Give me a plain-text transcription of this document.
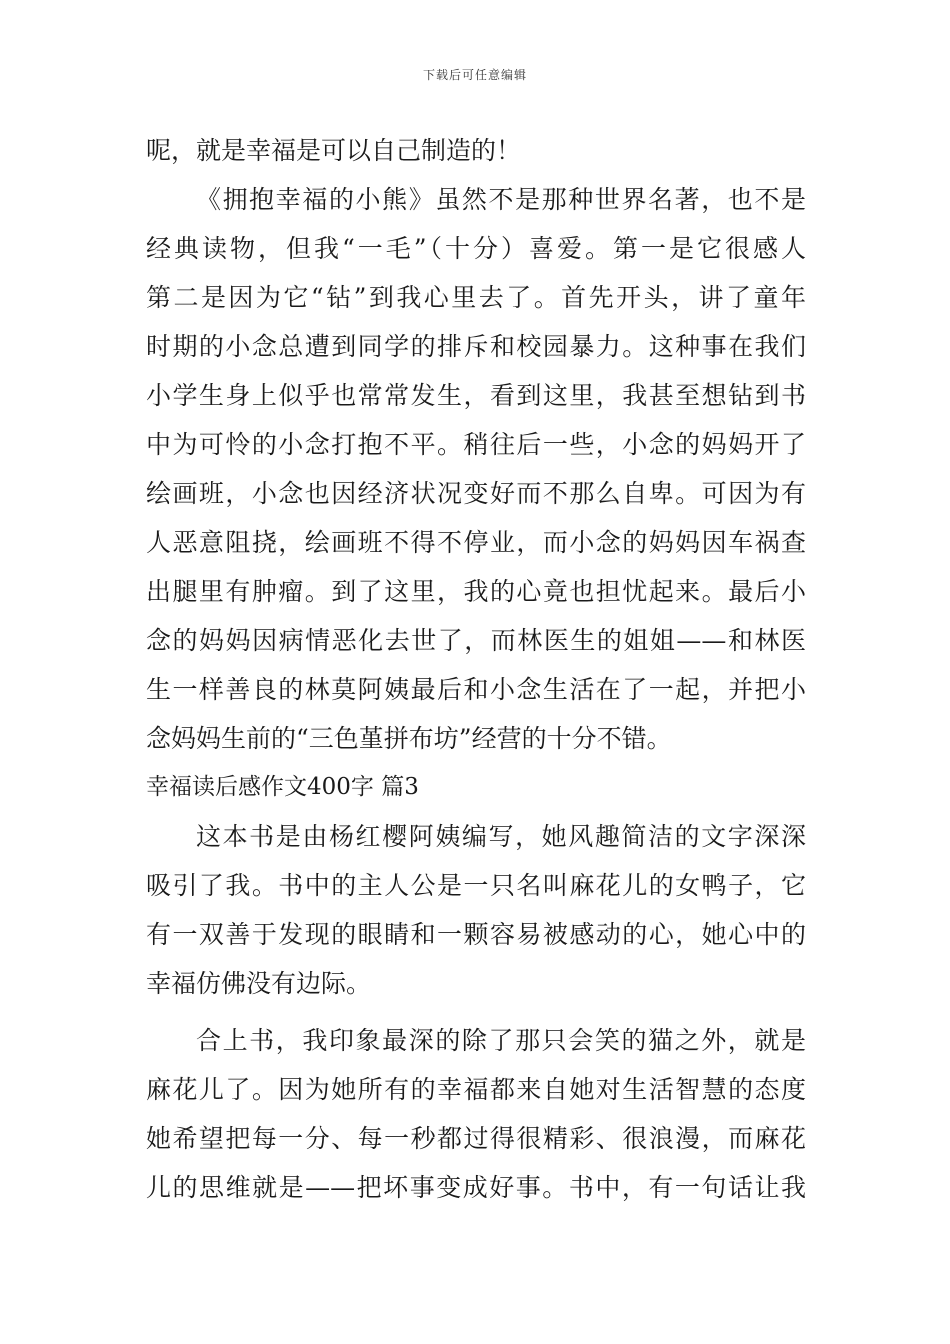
下载后可任意编辑
呢，就是幸福是可以自己制造的！
《拥抱幸福的小熊》虽然不是那种世界名著，也不是
经典读物，但我“一毛”（十分）喜爱。第一是它很感人
第二是因为它“钻”到我心里去了。首先开头，讲了童年
时期的小念总遭到同学的排斥和校园暴力。这种事在我们
小学生身上似乎也常常发生，看到这里，我甚至想钻到书
中为可怜的小念打抱不平。稍往后一些，小念的妈妈开了
绘画班，小念也因经济状况变好而不那么自卑。可因为有
人恶意阻挠，绘画班不得不停业，而小念的妈妈因车祸查
出腿里有肿瘤。到了这里，我的心竟也担忧起来。最后小
念的妈妈因病情恶化去世了，而林医生的姐姐——和林医
生一样善良的林莫阿姨最后和小念生活在了一起，并把小
念妈妈生前的“三色堇拼布坊”经营的十分不错。
幸福读后感作文400字 篇3
这本书是由杨红樱阿姨编写，她风趣简洁的文字深深
吸引了我。书中的主人公是一只名叫麻花儿的女鸭子，它
有一双善于发现的眼睛和一颗容易被感动的心，她心中的
幸福仿佛没有边际。
合上书，我印象最深的除了那只会笑的猫之外，就是
麻花儿了。因为她所有的幸福都来自她对生活智慧的态度
她希望把每一分、每一秒都过得很精彩、很浪漫，而麻花
儿的思维就是——把坏事变成好事。书中，有一句话让我
